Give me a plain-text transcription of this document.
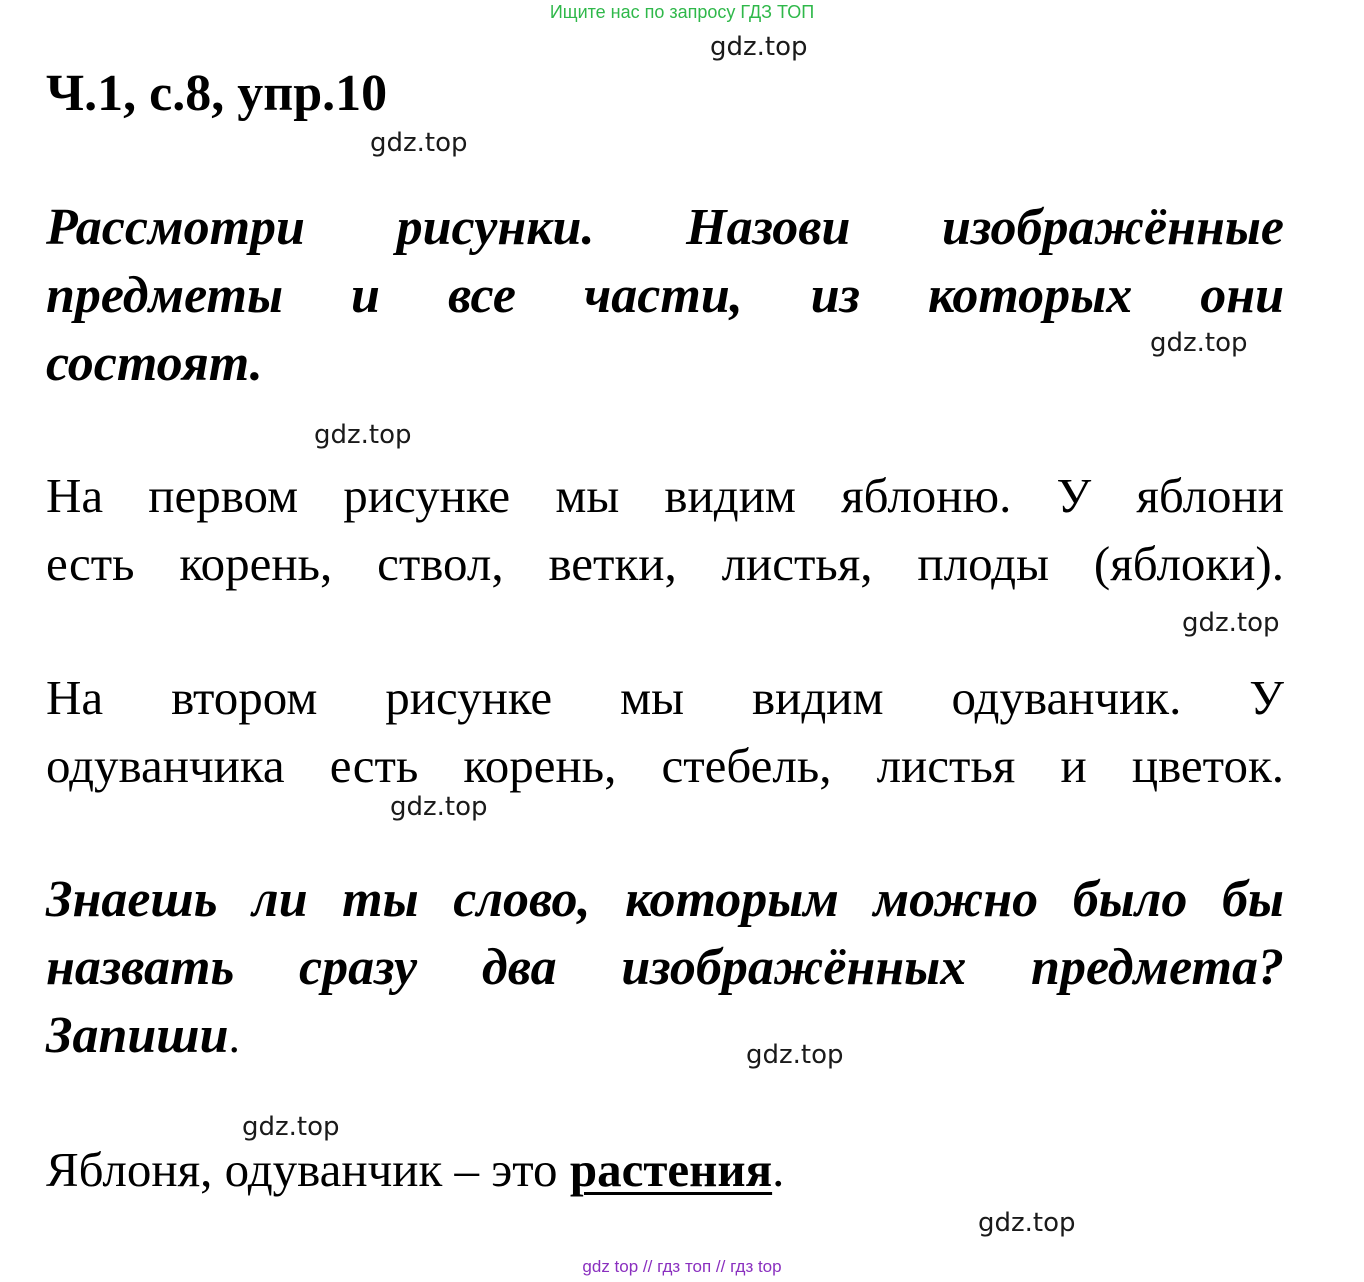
Ищите нас по запросу ГДЗ ТОП
gdz.top
Ч.1, с.8, упр.10
gdz.top
Рассмотри рисунки. Назови изображённые
предметы и все части, из которых они
состоят.	gdz.top
gdz.top
На первом рисунке мы видим яблоню. У яблони
есть корень, ствол, ветки, листья, плоды (яблоки).
gdz.top
На втором рисунке мы видим одуванчик. У
одуванчика есть корень, стебель, листья и цветок.
gdz.top
Знаешь ли ты слово, которым можно было бы
назвать сразу два изображённых предмета?
Запиши.	gdz.top
gdz.top
Яблоня, одуванчик – это растения.
gdz.top
gdz top // гдз топ // гдз top
